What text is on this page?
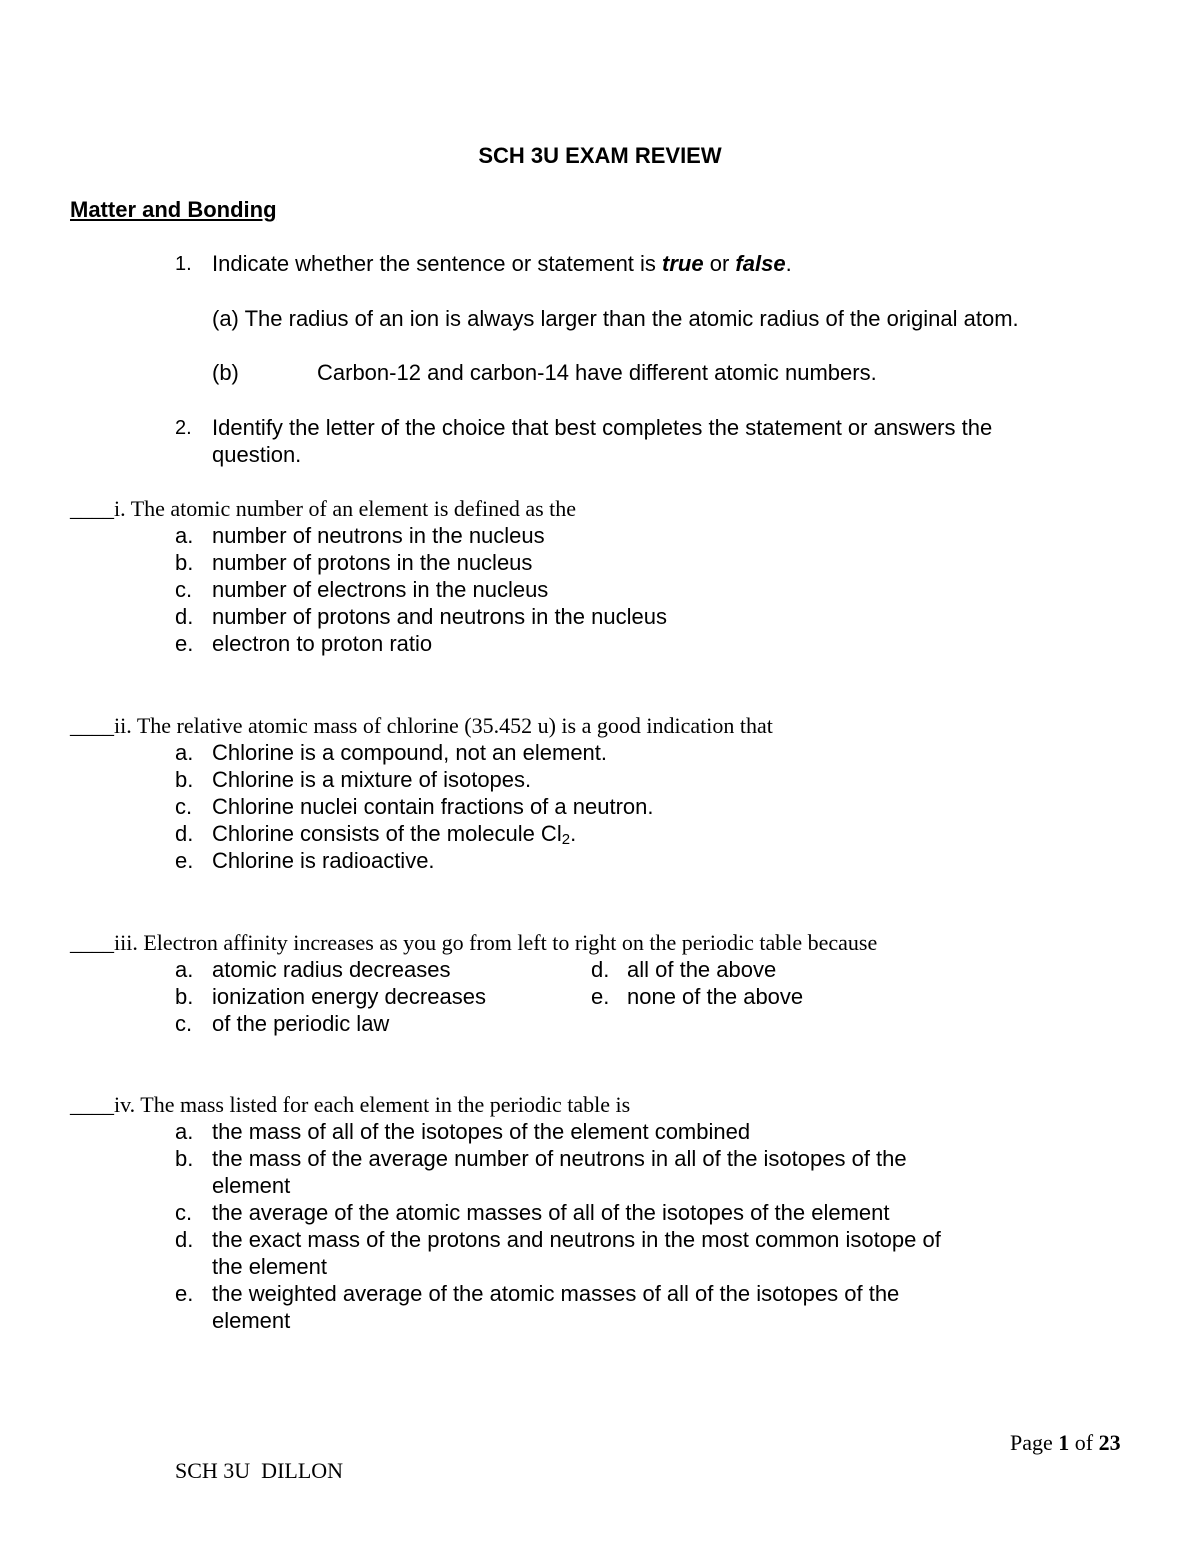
SCH 3U EXAM REVIEW
Matter and Bonding
1. Indicate whether the sentence or statement is true or false.
(a) The radius of an ion is always larger than the atomic radius of the original atom.
(b)	Carbon-12 and carbon-14 have different atomic numbers.
2. Identify the letter of the choice that best completes the statement or answers the
question.
____i. The atomic number of an element is defined as the
a. number of neutrons in the nucleus
b. number of protons in the nucleus
c. number of electrons in the nucleus
d. number of protons and neutrons in the nucleus
e. electron to proton ratio
____ii. The relative atomic mass of chlorine (35.452 u) is a good indication that
a. Chlorine is a compound, not an element.
b. Chlorine is a mixture of isotopes.
c. Chlorine nuclei contain fractions of a neutron.
d. Chlorine consists of the molecule $Cl_2$.
e. Chlorine is radioactive.
____iii. Electron affinity increases as you go from left to right on the periodic table because
a. atomic radius decreases
b. ionization energy decreases
c. of the periodic law
d. all of the above
e. none of the above
____iv. The mass listed for each element in the periodic table is
a. the mass of all of the isotopes of the element combined
b. the mass of the average number of neutrons in all of the isotopes of the
element
c. the average of the atomic masses of all of the isotopes of the element
d. the exact mass of the protons and neutrons in the most common isotope of
the element
e. the weighted average of the atomic masses of all of the isotopes of the
element
Page 1 of 23
SCH 3U  DILLON
